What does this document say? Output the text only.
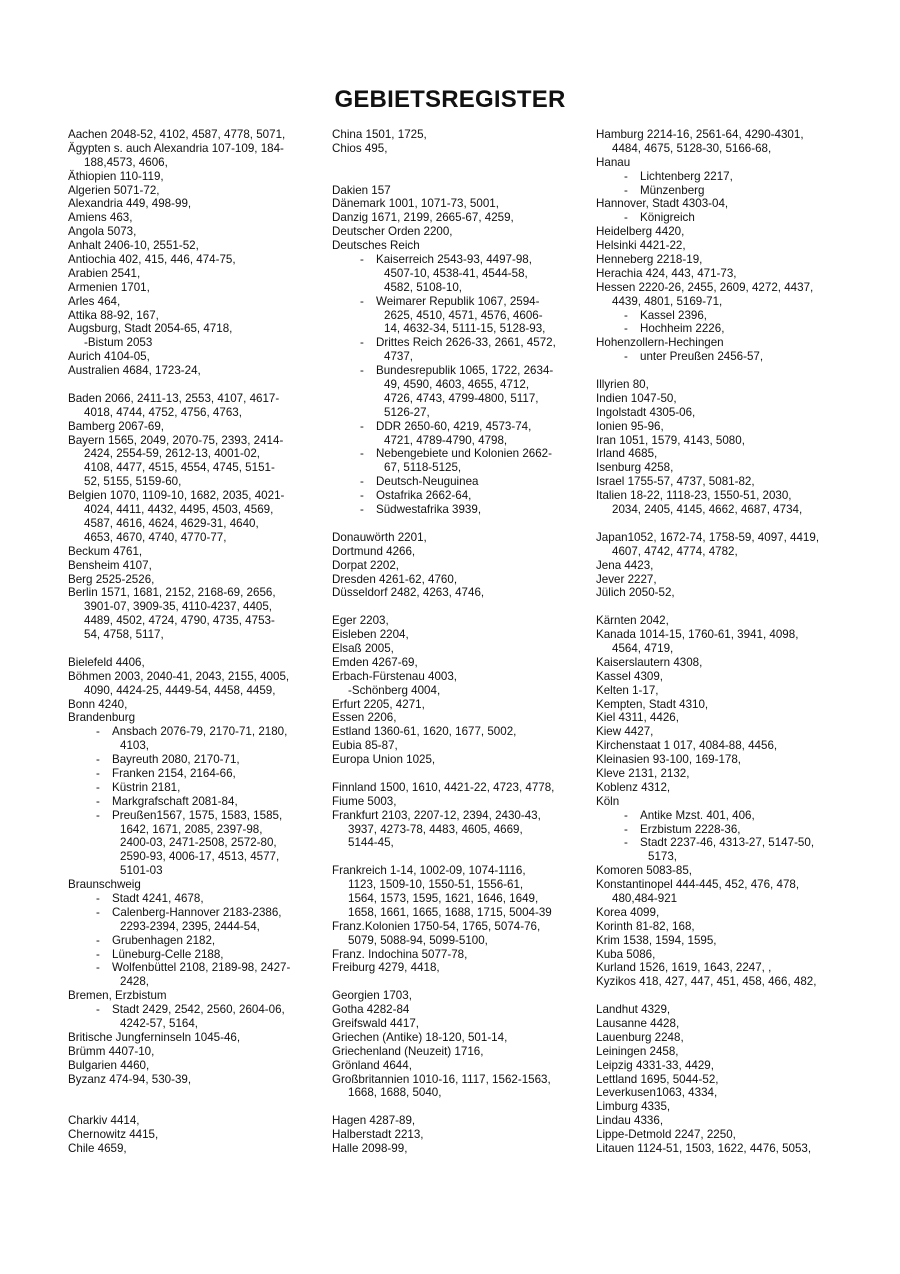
GEBIETSREGISTER
Aachen 2048-52, 4102, 4587, 4778, 5071,
Ägypten s. auch Alexandria 107-109, 184-
188,4573, 4606,
Äthiopien 110-119,
Algerien 5071-72,
Alexandria 449, 498-99,
Amiens 463,
Angola 5073,
Anhalt 2406-10, 2551-52,
Antiochia 402, 415, 446, 474-75,
Arabien 2541,
Armenien 1701,
Arles 464,
Attika 88-92, 167,
Augsburg, Stadt 2054-65, 4718,
-Bistum 2053
Aurich 4104-05,
Australien 4684, 1723-24,
Baden 2066, 2411-13, 2553, 4107, 4617-
4018, 4744, 4752, 4756, 4763,
Bamberg 2067-69,
Bayern 1565, 2049, 2070-75, 2393, 2414-
2424, 2554-59, 2612-13, 4001-02,
4108, 4477, 4515, 4554, 4745, 5151-
52, 5155, 5159-60,
Belgien 1070, 1109-10, 1682, 2035, 4021-
4024, 4411, 4432, 4495, 4503, 4569,
4587, 4616, 4624, 4629-31, 4640,
4653, 4670, 4740, 4770-77,
Beckum 4761,
Bensheim 4107,
Berg 2525-2526,
Berlin 1571, 1681, 2152, 2168-69, 2656,
3901-07, 3909-35, 4110-4237, 4405,
4489, 4502, 4724, 4790, 4735, 4753-
54, 4758, 5117,
Bielefeld 4406,
Böhmen 2003, 2040-41, 2043, 2155, 4005,
4090, 4424-25, 4449-54, 4458, 4459,
Bonn 4240,
Brandenburg
- Ansbach 2076-79, 2170-71, 2180,
4103,
- Bayreuth 2080, 2170-71,
- Franken 2154, 2164-66,
- Küstrin 2181,
- Markgrafschaft 2081-84,
- Preußen1567, 1575, 1583, 1585,
1642, 1671, 2085, 2397-98,
2400-03, 2471-2508, 2572-80,
2590-93, 4006-17, 4513, 4577,
5101-03
Braunschweig
- Stadt 4241, 4678,
- Calenberg-Hannover 2183-2386,
2293-2394, 2395, 2444-54,
- Grubenhagen 2182,
- Lüneburg-Celle 2188,
- Wolfenbüttel 2108, 2189-98, 2427-
2428,
Bremen, Erzbistum
- Stadt 2429, 2542, 2560, 2604-06,
4242-57, 5164,
Britische Jungferninseln 1045-46,
Brümm 4407-10,
Bulgarien 4460,
Byzanz 474-94, 530-39,
Charkiv 4414,
Chernowitz 4415,
Chile 4659,
China 1501, 1725,
Chios 495,
Dakien 157
Dänemark 1001, 1071-73, 5001,
Danzig 1671, 2199, 2665-67, 4259,
Deutscher Orden 2200,
Deutsches Reich
- Kaiserreich 2543-93, 4497-98,
4507-10, 4538-41, 4544-58,
4582, 5108-10,
- Weimarer Republik 1067, 2594-
2625, 4510, 4571, 4576, 4606-
14, 4632-34, 5111-15, 5128-93,
- Drittes Reich 2626-33, 2661, 4572,
4737,
- Bundesrepublik 1065, 1722, 2634-
49, 4590, 4603, 4655, 4712,
4726, 4743, 4799-4800, 5117,
5126-27,
- DDR 2650-60, 4219, 4573-74,
4721, 4789-4790, 4798,
- Nebengebiete und Kolonien 2662-
67, 5118-5125,
- Deutsch-Neuguinea
- Ostafrika 2662-64,
- Südwestafrika 3939,
Donauwörth 2201,
Dortmund 4266,
Dorpat 2202,
Dresden 4261-62, 4760,
Düsseldorf 2482, 4263, 4746,
Eger 2203,
Eisleben 2204,
Elsaß 2005,
Emden 4267-69,
Erbach-Fürstenau 4003,
-Schönberg 4004,
Erfurt 2205, 4271,
Essen 2206,
Estland 1360-61, 1620, 1677, 5002,
Eubia 85-87,
Europa Union 1025,
Finnland 1500, 1610, 4421-22, 4723, 4778,
Fiume 5003,
Frankfurt 2103, 2207-12, 2394, 2430-43,
3937, 4273-78, 4483, 4605, 4669,
5144-45,
Frankreich 1-14, 1002-09, 1074-1116,
1123, 1509-10, 1550-51, 1556-61,
1564, 1573, 1595, 1621, 1646, 1649,
1658, 1661, 1665, 1688, 1715, 5004-39
Franz.Kolonien 1750-54, 1765, 5074-76,
5079, 5088-94, 5099-5100,
Franz. Indochina 5077-78,
Freiburg 4279, 4418,
Georgien 1703,
Gotha 4282-84
Greifswald 4417,
Griechen (Antike) 18-120, 501-14,
Griechenland (Neuzeit) 1716,
Grönland 4644,
Großbritannien 1010-16, 1117, 1562-1563,
1668, 1688, 5040,
Hagen 4287-89,
Halberstadt 2213,
Halle 2098-99,
Hamburg 2214-16, 2561-64, 4290-4301,
4484, 4675, 5128-30, 5166-68,
Hanau
- Lichtenberg 2217,
- Münzenberg
Hannover, Stadt 4303-04,
- Königreich
Heidelberg 4420,
Helsinki 4421-22,
Henneberg 2218-19,
Herachia 424, 443, 471-73,
Hessen 2220-26, 2455, 2609, 4272, 4437,
4439, 4801, 5169-71,
- Kassel 2396,
- Hochheim 2226,
Hohenzollern-Hechingen
- unter Preußen 2456-57,
Illyrien 80,
Indien 1047-50,
Ingolstadt 4305-06,
Ionien 95-96,
Iran 1051, 1579, 4143, 5080,
Irland 4685,
Isenburg 4258,
Israel 1755-57, 4737, 5081-82,
Italien 18-22, 1118-23, 1550-51, 2030,
2034, 2405, 4145, 4662, 4687, 4734,
Japan1052, 1672-74, 1758-59, 4097, 4419,
4607, 4742, 4774, 4782,
Jena 4423,
Jever 2227,
Jülich 2050-52,
Kärnten 2042,
Kanada 1014-15, 1760-61, 3941, 4098,
4564, 4719,
Kaiserslautern 4308,
Kassel 4309,
Kelten 1-17,
Kempten, Stadt 4310,
Kiel 4311, 4426,
Kiew 4427,
Kirchenstaat 1 017, 4084-88, 4456,
Kleinasien 93-100, 169-178,
Kleve 2131, 2132,
Koblenz 4312,
Köln
- Antike Mzst. 401, 406,
- Erzbistum 2228-36,
- Stadt 2237-46, 4313-27, 5147-50,
5173,
Komoren 5083-85,
Konstantinopel 444-445, 452, 476, 478,
480,484-921
Korea 4099,
Korinth 81-82, 168,
Krim 1538, 1594, 1595,
Kuba 5086,
Kurland 1526, 1619, 1643, 2247, ,
Kyzikos 418, 427, 447, 451, 458, 466, 482,
Landhut 4329,
Lausanne 4428,
Lauenburg 2248,
Leiningen 2458,
Leipzig 4331-33, 4429,
Lettland 1695, 5044-52,
Leverkusen1063, 4334,
Limburg 4335,
Lindau 4336,
Lippe-Detmold 2247, 2250,
Litauen 1124-51, 1503, 1622, 4476, 5053,
